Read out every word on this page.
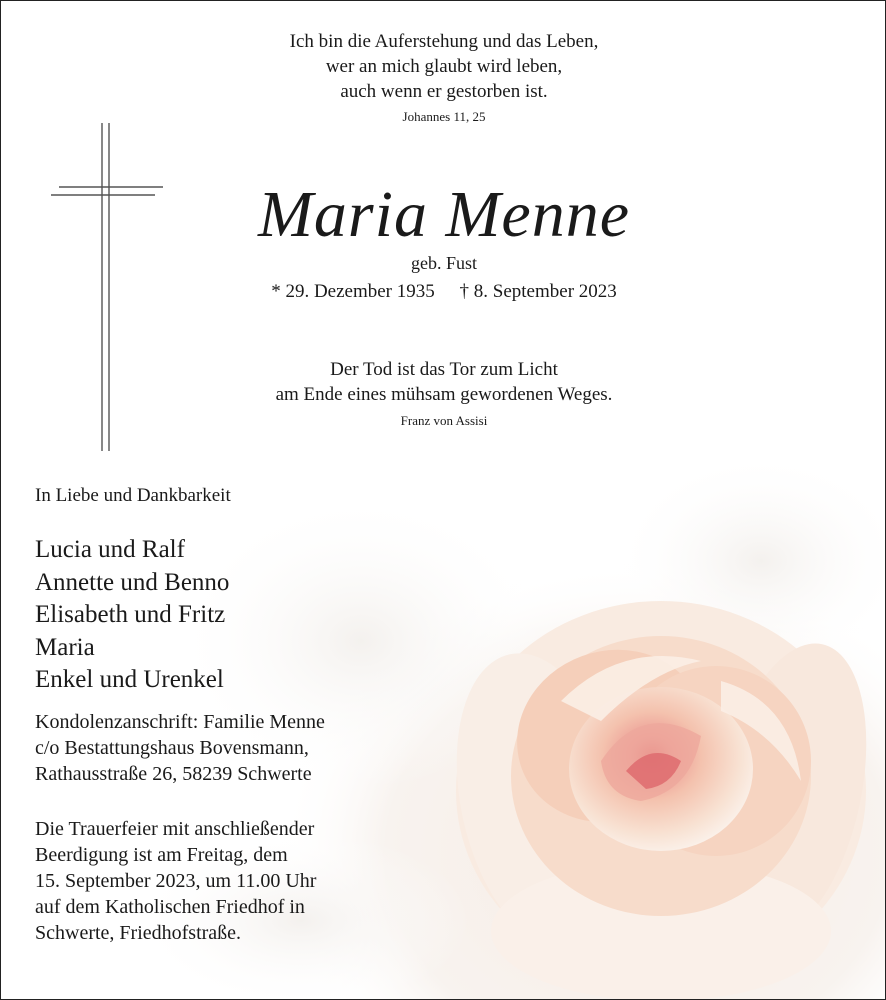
Ich bin die Auferstehung und das Leben,
wer an mich glaubt wird leben,
auch wenn er gestorben ist.
Johannes 11, 25
Maria Menne
geb. Fust
* 29. Dezember 1935 † 8. September 2023
Der Tod ist das Tor zum Licht
am Ende eines mühsam gewordenen Weges.
Franz von Assisi
In Liebe und Dankbarkeit
Lucia und Ralf
Annette und Benno
Elisabeth und Fritz
Maria
Enkel und Urenkel
Kondolenzanschrift: Familie Menne
c/o Bestattungshaus Bovensmann,
Rathausstraße 26, 58239 Schwerte
Die Trauerfeier mit anschließender
Beerdigung ist am Freitag, dem
15. September 2023, um 11.00 Uhr
auf dem Katholischen Friedhof in
Schwerte, Friedhofstraße.
